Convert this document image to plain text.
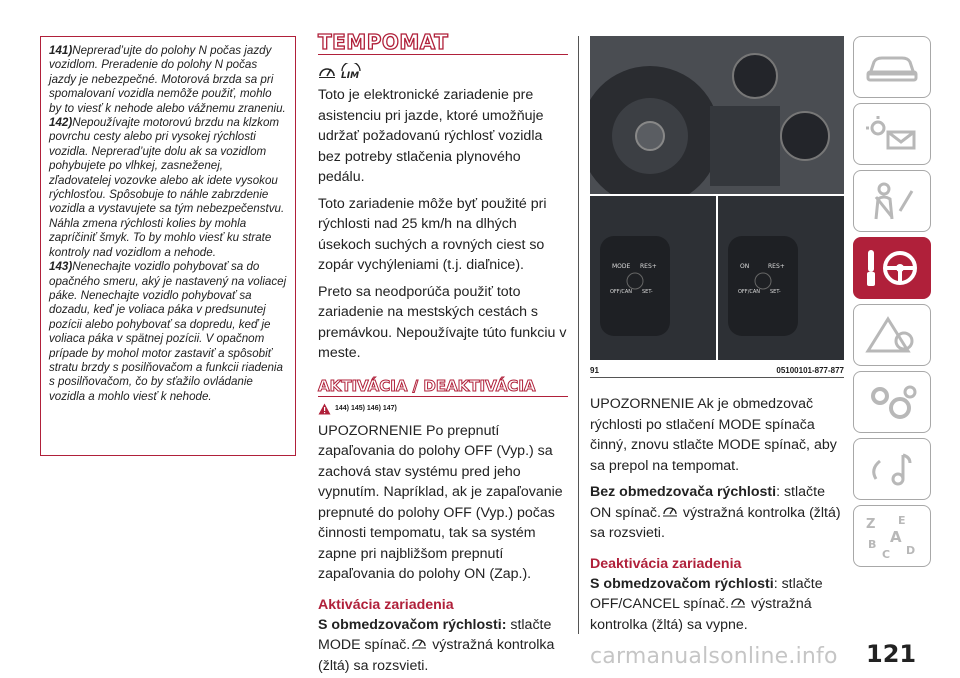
141)Neprerad’ujte do polohy N počas jazdy vozidlom. Preradenie do polohy N počas jazdy je nebezpečné. Motorová brzda sa pri spomalovaní vozidla nemôže použiť, mohlo by to viesť k nehode alebo vážnemu zraneniu.

142)Nepoužívajte motorovú brzdu na klzkom povrchu cesty alebo pri vysokej rýchlosti vozidla. Neprerad’ujte dolu ak sa vozidlom pohybujete po vlhkej, zasneženej, zľadovatelej vozovke alebo ak idete vysokou rýchlosťou. Spôsobuje to náhle zabrzdenie vozidla a vystavujete sa tým nebezpečenstvu. Náhla zmena rýchlosti kolies by mohla zapríčiniť šmyk. To by mohlo viesť ku strate kontroly nad vozidlom a nehode.

143)Nenechajte vozidlo pohybovať sa do opačného smeru, aký je nastavený na voliacej páke. Nenechajte vozidlo pohybovať sa dozadu, keď je voliaca páka v predsunutej pozícii alebo pohybovať sa dopredu, keď je voliaca páka v spätnej pozícii. V opačnom prípade by mohol motor zastaviť a spôsobiť stratu brzdy s posilňovačom a funkcii riadenia s posilňovačom, čo by sťažilo ovládanie vozidla a mohlo viesť k nehode.

TEMPOMAT
LIM

Toto je elektronické zariadenie pre asistenciu pri jazde, ktoré umožňuje udržať požadovanú rýchlosť vozidla bez potreby stlačenia plynového pedálu.

Toto zariadenie môže byť použité pri rýchlosti nad 25 km/h na dlhých úsekoch suchých a rovných ciest so zopár vychýleniami (t.j. diaľnice).

Preto sa neodporúča použiť toto zariadenie na mestských cestách s premávkou. Nepoužívajte túto funkciu v meste.

AKTIVÁCIA / DEAKTIVÁCIA
144) 145) 146) 147)

UPOZORNENIE Po prepnutí zapaľovania do polohy OFF (Vyp.) sa zachová stav systému pred jeho vypnutím. Napríklad, ak je zapaľovanie prepnuté do polohy OFF (Vyp.) počas činnosti tempomatu, tak sa systém zapne pri najbližšom prepnutí zapaľovania do polohy ON (Zap.).

Aktivácia zariadenia

S obmedzovačom rýchlosti: stlačte MODE spínač. výstražná kontrolka (žltá) sa rozsvieti.

MODE RES+
OFF/CAN SET-
ON	RES+
OFF/CAN SET-
91	05100101-877-877

UPOZORNENIE Ak je obmedzovač rýchlosti po stlačení MODE spínača činný, znovu stlačte MODE spínač, aby sa prepol na tempomat.

Bez obmedzovača rýchlosti: stlačte ON spínač. výstražná kontrolka (žltá) sa rozsvieti.

Deaktivácia zariadenia

S obmedzovačom rýchlosti: stlačte OFF/CANCEL spínač. výstražná kontrolka (žltá) sa vypne.

Z E
A
B
C D
carmanualsonline.info 121
